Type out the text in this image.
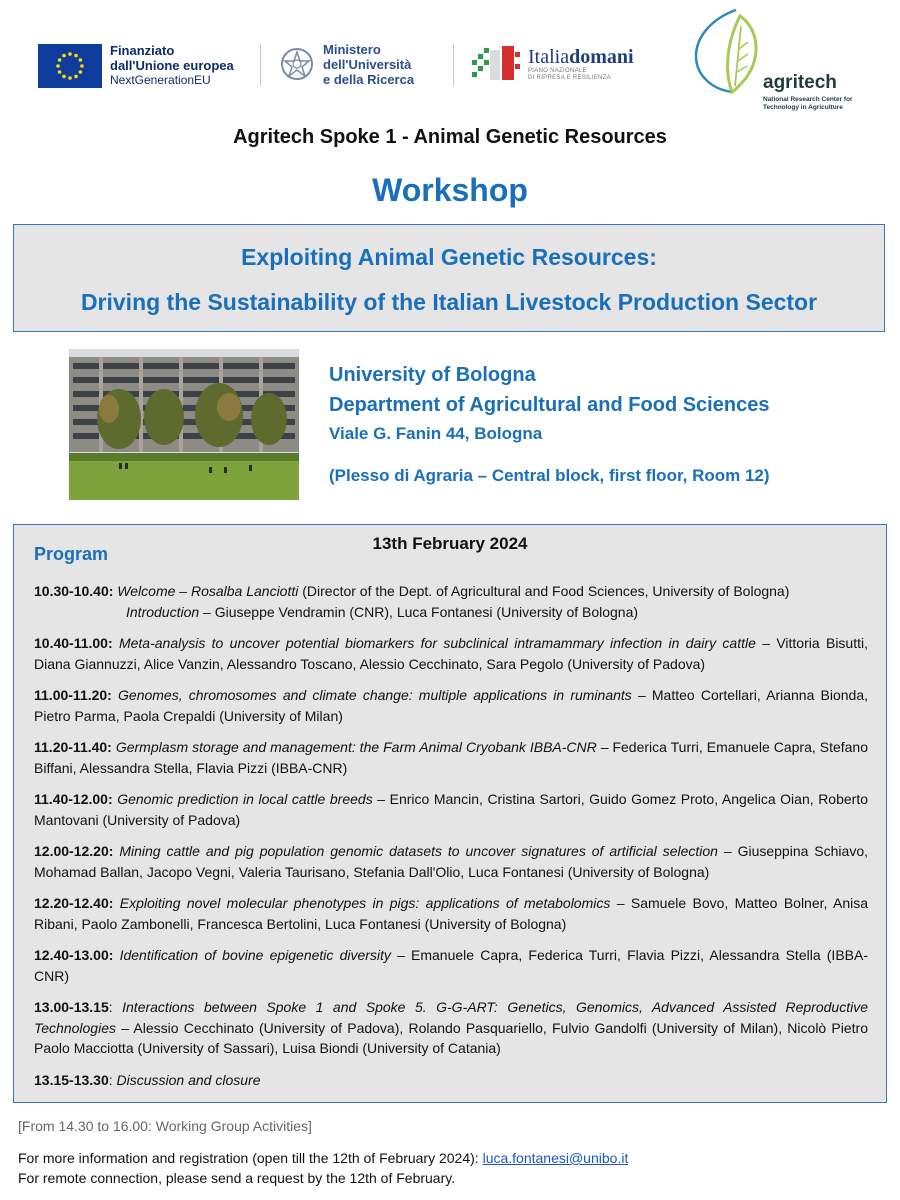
Finanziato
dall'Unione europea
NextGenerationEU
Ministero
dell'Università
e della Ricerca
Italiadomani
PIANO NAZIONALE
DI RIPRESA E RESILIENZA	agritech
National Research Center for
Technology in Agriculture
Agritech Spoke 1 - Animal Genetic Resources
Workshop
Exploiting Animal Genetic Resources:
Driving the Sustainability of the Italian Livestock Production Sector
University of Bologna
Department of Agricultural and Food Sciences
Viale G. Fanin 44, Bologna
(Plesso di Agraria – Central block, first floor, Room 12)
13th February 2024
Program
10.30-10.40: Welcome – Rosalba Lanciotti (Director of the Dept. of Agricultural and Food Sciences, University of Bologna)
Introduction – Giuseppe Vendramin (CNR), Luca Fontanesi (University of Bologna)
10.40-11.00: Meta-analysis to uncover potential biomarkers for subclinical intramammary infection in dairy cattle – Vittoria Bisutti, Diana Giannuzzi, Alice Vanzin, Alessandro Toscano, Alessio Cecchinato, Sara Pegolo (University of Padova)
11.00-11.20: Genomes, chromosomes and climate change: multiple applications in ruminants – Matteo Cortellari, Arianna Bionda, Pietro Parma, Paola Crepaldi (University of Milan)
11.20-11.40: Germplasm storage and management: the Farm Animal Cryobank IBBA-CNR – Federica Turri, Emanuele Capra, Stefano Biffani, Alessandra Stella, Flavia Pizzi (IBBA-CNR)
11.40-12.00: Genomic prediction in local cattle breeds – Enrico Mancin, Cristina Sartori, Guido Gomez Proto, Angelica Oian, Roberto Mantovani (University of Padova)
12.00-12.20: Mining cattle and pig population genomic datasets to uncover signatures of artificial selection – Giuseppina Schiavo, Mohamad Ballan, Jacopo Vegni, Valeria Taurisano, Stefania Dall'Olio, Luca Fontanesi (University of Bologna)
12.20-12.40: Exploiting novel molecular phenotypes in pigs: applications of metabolomics – Samuele Bovo, Matteo Bolner, Anisa Ribani, Paolo Zambonelli, Francesca Bertolini, Luca Fontanesi (University of Bologna)
12.40-13.00: Identification of bovine epigenetic diversity – Emanuele Capra, Federica Turri, Flavia Pizzi, Alessandra Stella (IBBA-CNR)
13.00-13.15: Interactions between Spoke 1 and Spoke 5. G-G-ART: Genetics, Genomics, Advanced Assisted Reproductive Technologies – Alessio Cecchinato (University of Padova), Rolando Pasquariello, Fulvio Gandolfi (University of Milan), Nicolò Pietro Paolo Macciotta (University of Sassari), Luisa Biondi (University of Catania)
13.15-13.30: Discussion and closure
[From 14.30 to 16.00: Working Group Activities]
For more information and registration (open till the 12th of February 2024): luca.fontanesi@unibo.it
For remote connection, please send a request by the 12th of February.
